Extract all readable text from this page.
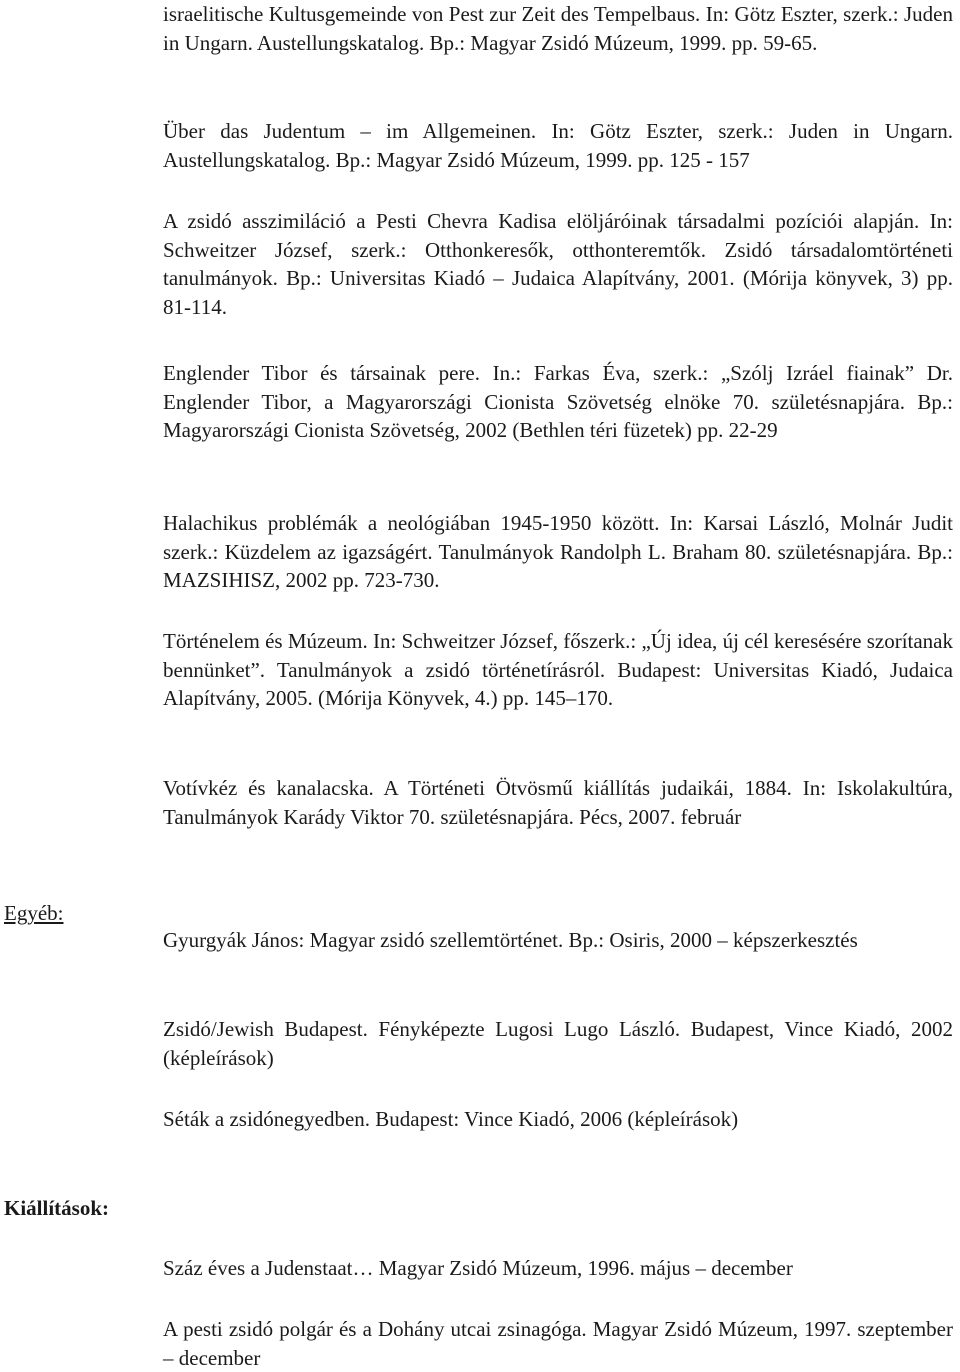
israelitische Kultusgemeinde von Pest zur Zeit des Tempelbaus. In: Götz Eszter, szerk.: Juden in Ungarn. Austellungskatalog. Bp.: Magyar Zsidó Múzeum, 1999. pp. 59-65.

Über das Judentum – im Allgemeinen. In: Götz Eszter, szerk.: Juden in Ungarn. Austellungskatalog. Bp.: Magyar Zsidó Múzeum, 1999. pp. 125 - 157

A zsidó asszimiláció a Pesti Chevra Kadisa elöljáróinak társadalmi pozíciói alapján. In: Schweitzer József, szerk.: Otthonkeresők, otthonteremtők. Zsidó társadalomtörténeti tanulmányok. Bp.: Universitas Kiadó – Judaica Alapítvány, 2001. (Mórija könyvek, 3) pp. 81-114.

Englender Tibor és társainak pere. In.: Farkas Éva, szerk.: „Szólj Izráel fiainak” Dr. Englender Tibor, a Magyarországi Cionista Szövetség elnöke 70. születésnapjára. Bp.: Magyarországi Cionista Szövetség, 2002 (Bethlen téri füzetek) pp. 22-29

Halachikus problémák a neológiában 1945-1950 között. In: Karsai László, Molnár Judit szerk.: Küzdelem az igazságért. Tanulmányok Randolph L. Braham 80. születésnapjára. Bp.: MAZSIHISZ, 2002 pp. 723-730.

Történelem és Múzeum. In: Schweitzer József, főszerk.: „Új idea, új cél keresésére szorítanak bennünket”. Tanulmányok a zsidó történetírásról. Budapest: Universitas Kiadó, Judaica Alapítvány, 2005. (Mórija Könyvek, 4.) pp. 145–170.

Votívkéz és kanalacska. A Történeti Ötvösmű kiállítás judaikái, 1884. In: Iskolakultúra, Tanulmányok Karády Viktor 70. születésnapjára. Pécs, 2007. február

Egyéb:

Gyurgyák János: Magyar zsidó szellemtörténet. Bp.: Osiris, 2000 – képszerkesztés

Zsidó/Jewish Budapest. Fényképezte Lugosi Lugo László. Budapest, Vince Kiadó, 2002 (képleírások)

Séták a zsidónegyedben. Budapest: Vince Kiadó, 2006 (képleírások)

Kiállítások:

Száz éves a Judenstaat… Magyar Zsidó Múzeum, 1996. május – december

A pesti zsidó polgár és a Dohány utcai zsinagóga. Magyar Zsidó Múzeum, 1997. szeptember – december
